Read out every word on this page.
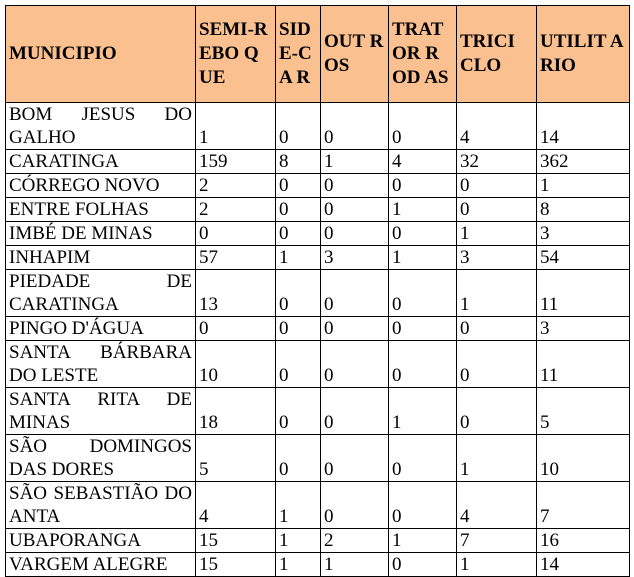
MUNICIPIO	SEMI-REBO QUE	SID E-CA R	OUT ROS	TRAT OR ROD AS	TRICI CLO	UTILIT ARIO
BOM JESUS DO GALHO	1	0	0	0	4	14
CARATINGA	159	8	1	4	32	362
CÓRREGO NOVO	2	0	0	0	0	1
ENTRE FOLHAS	2	0	0	1	0	8
IMBÉ DE MINAS	0	0	0	0	1	3
INHAPIM	57	1	3	1	3	54
PIEDADE DE CARATINGA	13	0	0	0	1	11
PINGO D'ÁGUA	0	0	0	0	0	3
SANTA BÁRBARA DO LESTE	10	0	0	0	0	11
SANTA RITA DE MINAS	18	0	0	1	0	5
SÃO DOMINGOS DAS DORES	5	0	0	0	1	10
SÃO SEBASTIÃO DO ANTA	4	1	0	0	4	7
UBAPORANGA	15	1	2	1	7	16
VARGEM ALEGRE	15	1	1	0	1	14
